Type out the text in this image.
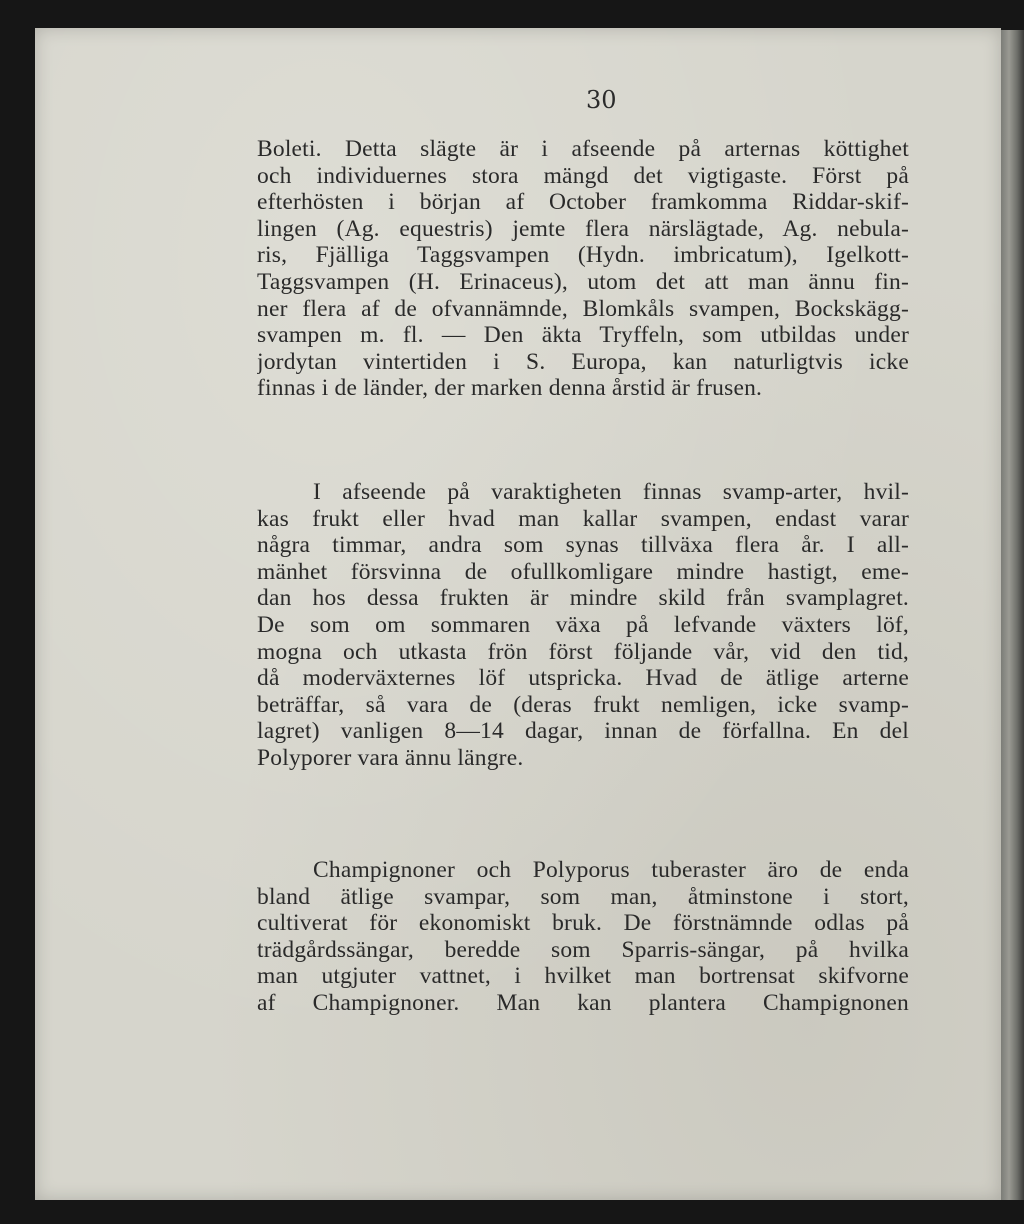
30

Boleti. Detta slägte är i afseende på arternas köttighet
och individuernes stora mängd det vigtigaste. Först på
efterhösten i början af October framkomma Riddar-skif-
lingen (Ag. equestris) jemte flera närslägtade, Ag. nebula-
ris, Fjälliga Taggsvampen (Hydn. imbricatum), Igelkott-
Taggsvampen (H. Erinaceus), utom det att man ännu fin-
ner flera af de ofvannämnde, Blomkåls svampen, Bockskägg-
svampen m. fl. — Den äkta Tryffeln, som utbildas under
jordytan vintertiden i S. Europa, kan naturligtvis icke
finnas i de länder, der marken denna årstid är frusen.
I afseende på varaktigheten finnas svamp-arter, hvil-
kas frukt eller hvad man kallar svampen, endast varar
några timmar, andra som synas tillväxa flera år. I all-
mänhet försvinna de ofullkomligare mindre hastigt, eme-
dan hos dessa frukten är mindre skild från svamplagret.
De som om sommaren växa på lefvande växters löf,
mogna och utkasta frön först följande vår, vid den tid,
då moderväxternes löf utspricka. Hvad de ätlige arterne
beträffar, så vara de (deras frukt nemligen, icke svamp-
lagret) vanligen 8—14 dagar, innan de förfallna. En del
Polyporer vara ännu längre.
Champignoner och Polyporus tuberaster äro de enda
bland ätlige svampar, som man, åtminstone i stort,
cultiverat för ekonomiskt bruk. De förstnämnde odlas på
trädgårdssängar, beredde som Sparris-sängar, på hvilka
man utgjuter vattnet, i hvilket man bortrensat skifvorne
af Champignoner. Man kan plantera Champignonen
